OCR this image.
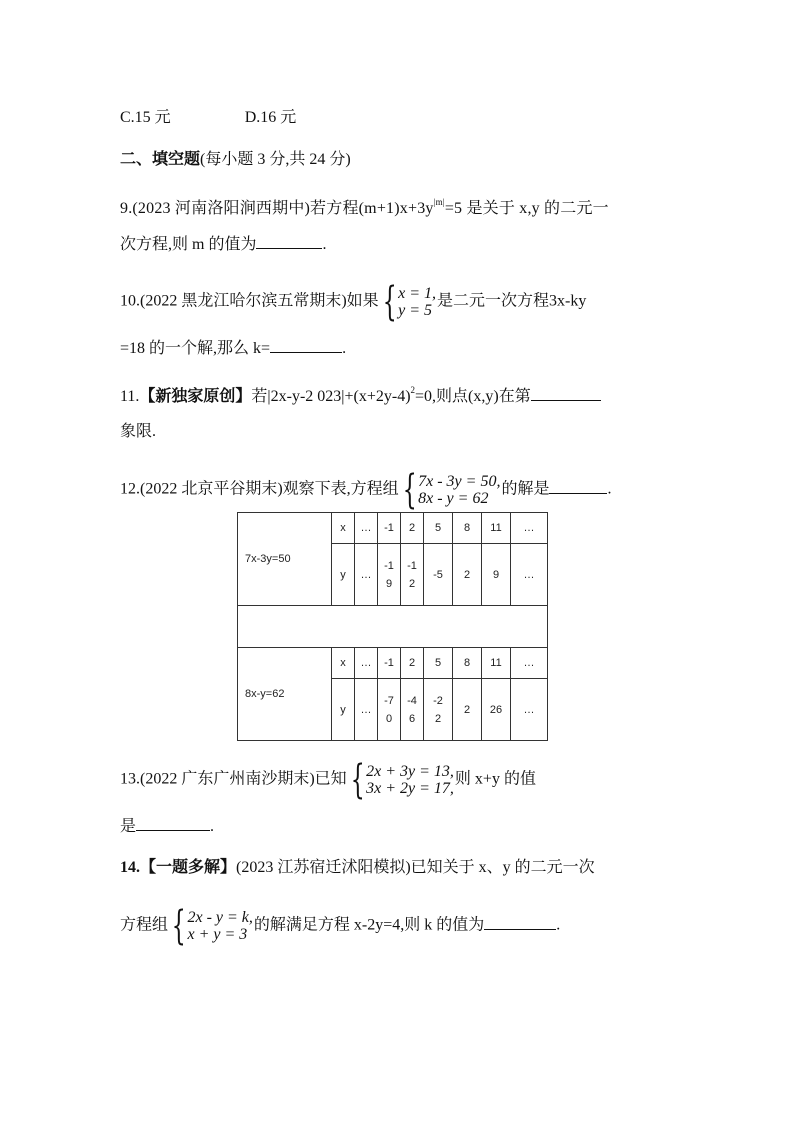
C.15 元	D.16 元
二、填空题(每小题 3 分,共 24 分)
9.(2023 河南洛阳涧西期中)若方程$(m+1)x+3y^{|m|}=5$ 是关于 x,y 的二元一
次方程,则 m 的值为	.
10.(2022 黑龙江哈尔滨五常期末)如果 { x = 1,
y = 5
是二元一次方程3x-ky
=18 的一个解,那么 k=	.
11.【新独家原创】若|2x-y-2 $023|+(x+2y-4)^2=0$,则点(x,y)在第
象限.
12.(2022 北京平谷期末)观察下表,方程组 { 7x - 3y = 50,
8x - y = 62
的解是	.
7x-3y=50	x	…	-1	2	5	8	11	…
	y	…	-1
9	-1
2	-5	2	9	…

8x-y=62	x	…	-1	2	5	8	11	…
	y	…	-7
0	-4
6	-2
2	2	26	…
13.(2022 广东广州南沙期末)已知 { 2x + 3y = 13,
3x + 2y = 17,
则 x+y 的值
是	.
14.【一题多解】(2023 江苏宿迁沭阳模拟)已知关于 x、y 的二元一次
方程组 { 2x - y = k,
x + y = 3
的解满足方程 x-2y=4,则 k 的值为	.
